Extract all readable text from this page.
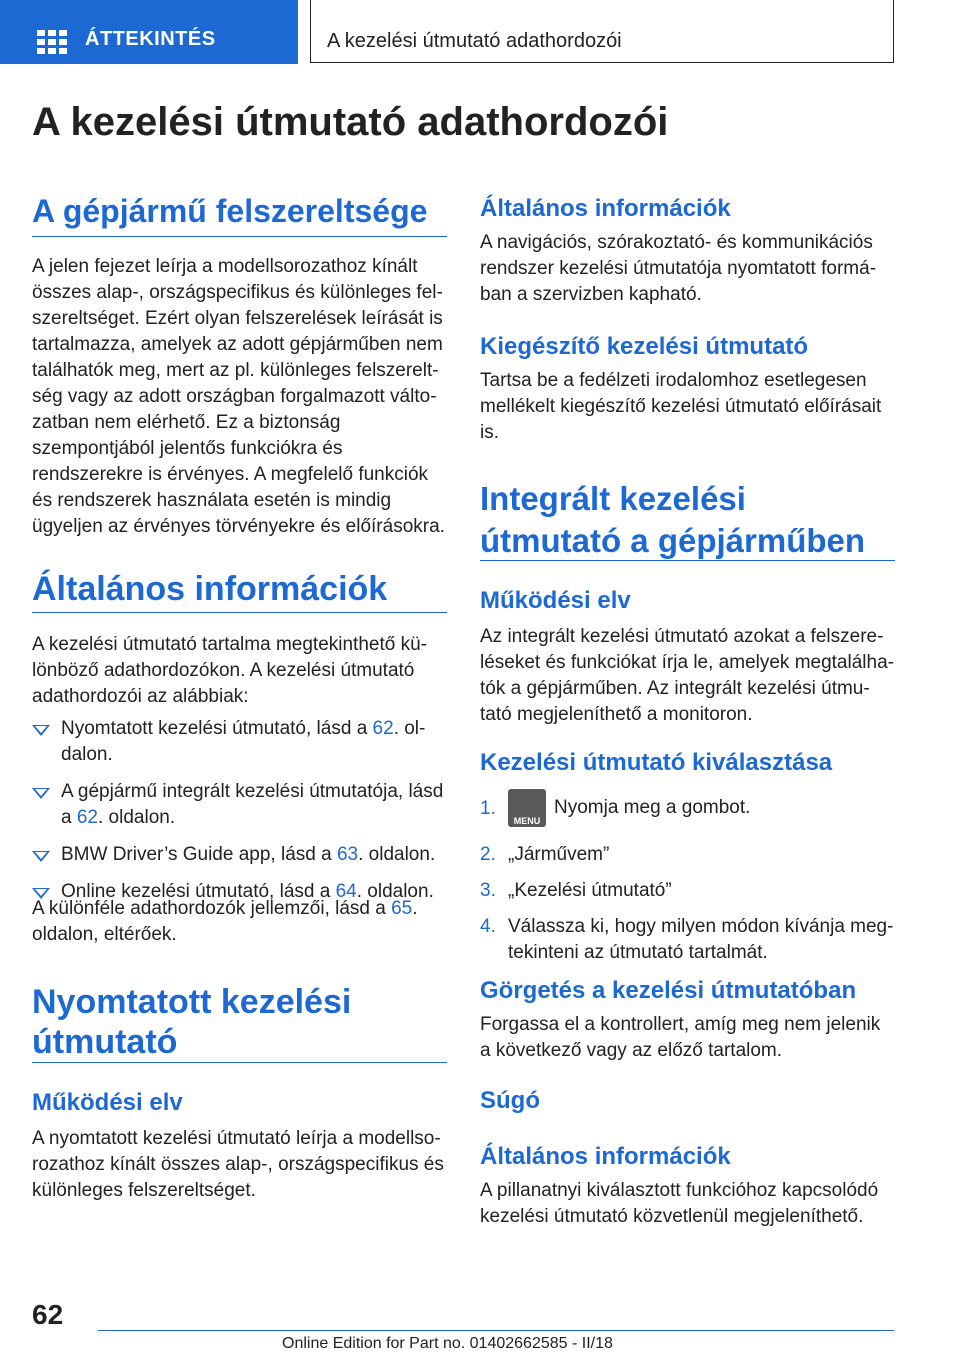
ÁTTEKINTÉS	A kezelési útmutató adathordozói
A kezelési útmutató adathordozói
A gépjármű felszereltsége

A jelen fejezet leírja a modellsorozathoz kínált összes alap-, országspecifikus és különleges felszereltséget. Ezért olyan felszerelések leírását is tartalmazza, amelyek az adott gépjárműben nem találhatók meg, mert az pl. különleges felszereltség vagy az adott országban forgalmazott változatban nem elérhető. Ez a biztonság szempontjából jelentős funkciókra és rendszerekre is érvényes. A megfelelő funkciók és rendszerek használata esetén is mindig ügyeljen az érvényes törvényekre és előírásokra.

Általános információk

A kezelési útmutató tartalma megtekinthető különböző adathordozókon. A kezelési útmutató adathordozói az alábbiak:

Nyomtatott kezelési útmutató, lásd a 62. oldalon.
A gépjármű integrált kezelési útmutatója, lásd a 62. oldalon.
BMW Driver’s Guide app, lásd a 63. oldalon.
Online kezelési útmutató, lásd a 64. oldalon.

A különféle adathordozók jellemzői, lásd a 65. oldalon, eltérőek.

Nyomtatott kezelési útmutató
Működési elv

A nyomtatott kezelési útmutató leírja a modellsorozathoz kínált összes alap-, országspecifikus és különleges felszereltséget.

Általános információk

A navigációs, szórakoztató- és kommunikációs rendszer kezelési útmutatója nyomtatott formában a szervizben kapható.

Kiegészítő kezelési útmutató

Tartsa be a fedélzeti irodalomhoz esetlegesen mellékelt kiegészítő kezelési útmutató előírásait is.

Integrált kezelési útmutató a gépjárműben
Működési elv

Az integrált kezelési útmutató azokat a felszereléseket és funkciókat írja le, amelyek megtalálhatók a gépjárműben. Az integrált kezelési útmutató megjeleníthető a monitoron.

Kezelési útmutató kiválasztása
1.
MENU
Nyomja meg a gombot.
2. „Járművem”
3. „Kezelési útmutató”
4. Válassza ki, hogy milyen módon kívánja megtekinteni az útmutató tartalmát.
Görgetés a kezelési útmutatóban

Forgassa el a kontrollert, amíg meg nem jelenik a következő vagy az előző tartalom.

Súgó
Általános információk

A pillanatnyi kiválasztott funkcióhoz kapcsolódó kezelési útmutató közvetlenül megjeleníthető.

62
Online Edition for Part no. 01402662585 - II/18
